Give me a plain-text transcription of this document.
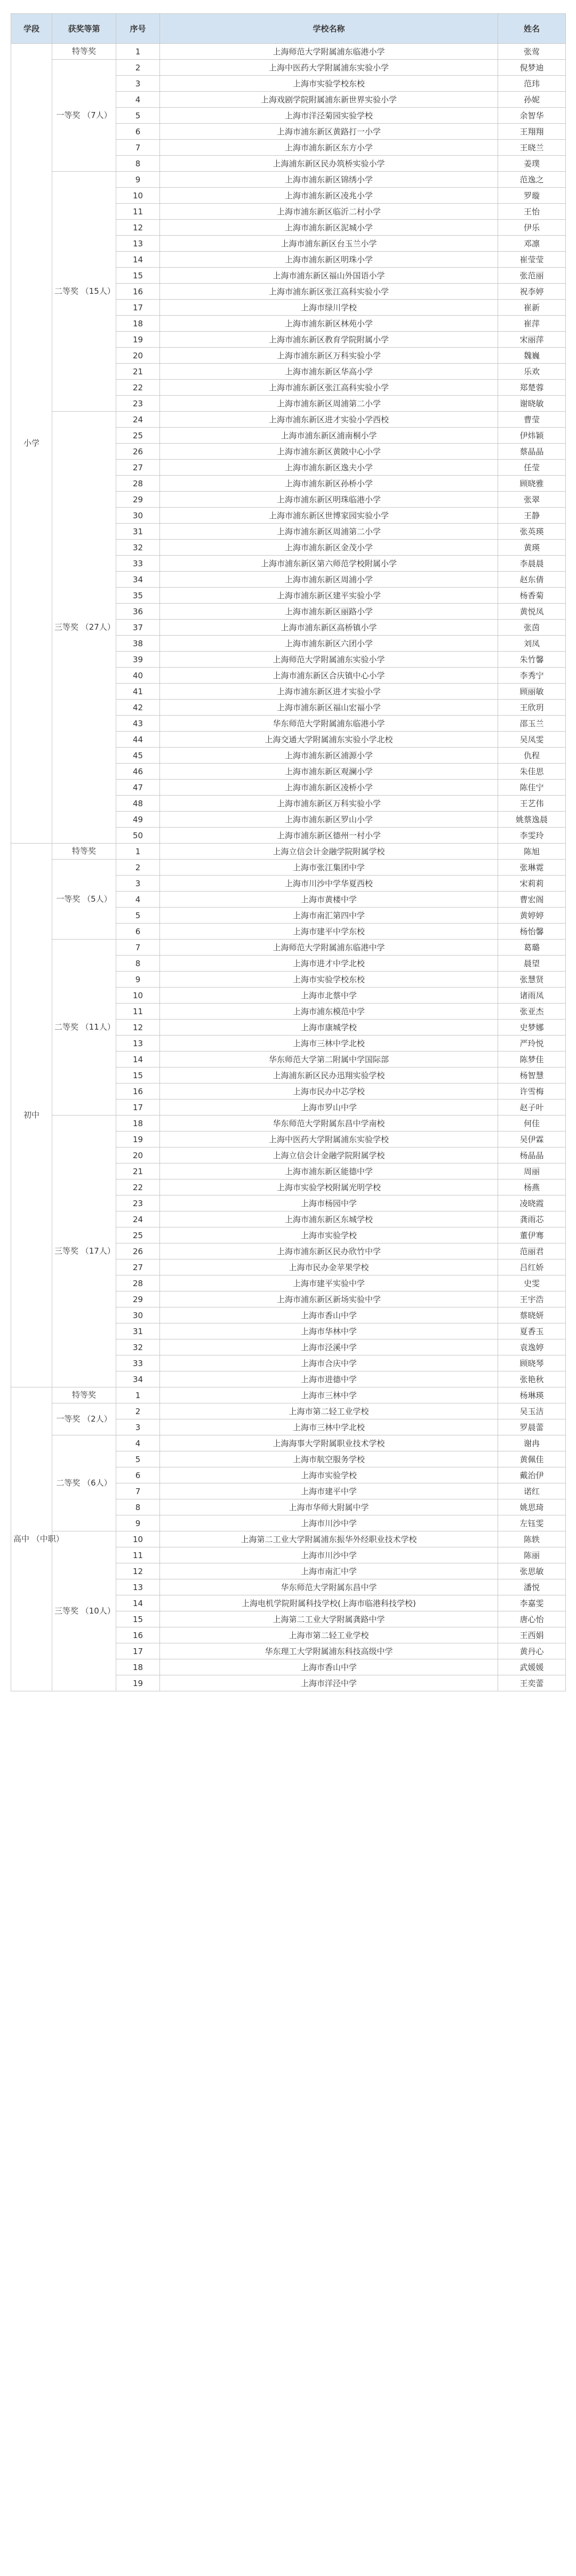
学段	获奖等第	序号	学校名称	姓名
小学	特等奖	1	上海师范大学附属浦东临港小学	张莺
	一等奖 （7人）	2	上海中医药大学附属浦东实验小学	倪梦迪
		3	上海市实验学校东校	范玮
		4	上海戏剧学院附属浦东新世界实验小学	孙妮
		5	上海市洋泾菊园实验学校	余智华
		6	上海市浦东新区黄路打一小学	王翔翔
		7	上海市浦东新区东方小学	王晓兰
		8	上海浦东新区民办筑桥实验小学	姜璞
	二等奖 （15人）	9	上海市浦东新区锦绣小学	范逸之
		10	上海市浦东新区凌兆小学	罗璇
		11	上海市浦东新区临沂二村小学	王怡
		12	上海市浦东新区泥城小学	伊乐
		13	上海市浦东新区台玉兰小学	邓凛
		14	上海市浦东新区明珠小学	崔莹莹
		15	上海市浦东新区福山外国语小学	张范丽
		16	上海市浦东新区张江高科实验小学	祝李婷
		17	上海市绿川学校	崔新
		18	上海市浦东新区林苑小学	崔萍
		19	上海市浦东新区教育学院附属小学	宋丽萍
		20	上海市浦东新区万科实验小学	魏巍
		21	上海市浦东新区华高小学	乐欢
		22	上海市浦东新区张江高科实验小学	郑楚蓉
		23	上海市浦东新区周浦第二小学	谢晓敏
	三等奖 （27人）	24	上海市浦东新区进才实验小学西校	曹莹
		25	上海市浦东新区浦南桐小学	伊炜颖
		26	上海市浦东新区黄陂中心小学	蔡晶晶
		27	上海市浦东新区逸夫小学	任莹
		28	上海市浦东新区孙桥小学	顾晓雅
		29	上海市浦东新区明珠临港小学	张翠
		30	上海市浦东新区世博家园实验小学	王静
		31	上海市浦东新区周浦第二小学	张英瑛
		32	上海市浦东新区金茂小学	黄瑛
		33	上海市浦东新区第六师范学校附属小学	李晨晨
		34	上海市浦东新区周浦小学	赵东倩
		35	上海市浦东新区建平实验小学	杨香菊
		36	上海市浦东新区丽路小学	黄悦凤
		37	上海市浦东新区高桥镇小学	张茵
		38	上海市浦东新区六团小学	刘凤
		39	上海师范大学附属浦东实验小学	朱竹馨
		40	上海市浦东新区合庆镇中心小学	李秀宁
		41	上海市浦东新区进才实验小学	顾丽敏
		42	上海市浦东新区福山宏福小学	王欣玥
		43	华东师范大学附属浦东临港小学	邵玉兰
		44	上海交通大学附属浦东实验小学北校	吴凤雯
		45	上海市浦东新区浦源小学	仇程
		46	上海市浦东新区观澜小学	朱佳思
		47	上海市浦东新区凌桥小学	陈佳宁
		48	上海市浦东新区万科实验小学	王艺伟
		49	上海市浦东新区罗山小学	姚蔡逸晨
		50	上海市浦东新区德州一村小学	李雯玲
初中	特等奖	1	上海立信会计金融学院附属学校	陈旭
	一等奖 （5人）	2	上海市张江集团中学	张琳霓
		3	上海市川沙中学华夏西校	宋莉莉
		4	上海市黄楼中学	曹宏阁
		5	上海市南汇第四中学	黄婷婷
		6	上海市建平中学东校	杨怡馨
	二等奖 （11人）	7	上海师范大学附属浦东临港中学	葛璐
		8	上海市进才中学北校	晨望
		9	上海市实验学校东校	张慧贤
		10	上海市北蔡中学	诸雨凤
		11	上海市浦东模范中学	张亚杰
		12	上海市康城学校	史梦娜
		13	上海市三林中学北校	严玲悦
		14	华东师范大学第二附属中学国际部	陈梦佳
		15	上海浦东新区民办迅翔实验学校	杨智慧
		16	上海市民办中芯学校	许雪梅
		17	上海市罗山中学	赵子叶
	三等奖 （17人）	18	华东师范大学附属东昌中学南校	何佳
		19	上海中医药大学附属浦东实验学校	吴伊霖
		20	上海立信会计金融学院附属学校	杨晶晶
		21	上海市浦东新区能德中学	周丽
		22	上海市实验学校附属光明学校	杨燕
		23	上海市杨园中学	凌晓霞
		24	上海市浦东新区东城学校	龚雨芯
		25	上海市实验学校	董伊骞
		26	上海市浦东新区民办欣竹中学	范丽君
		27	上海市民办金苹果学校	吕红娇
		28	上海市建平实验中学	史雯
		29	上海市浦东新区新场实验中学	王宇浩
		30	上海市香山中学	蔡晓妍
		31	上海市华林中学	夏香玉
		32	上海市泾溪中学	袁逸婷
		33	上海市合庆中学	顾晓琴
		34	上海市进德中学	张艳秋
高中 （中职）	特等奖	1	上海市三林中学	杨琳瑛
	一等奖 （2人）	2	上海市第二轻工业学校	吴玉洁
		3	上海市三林中学北校	罗晨蕾
	二等奖 （6人）	4	上海海事大学附属职业技术学校	谢冉
		5	上海市航空服务学校	黄佩佳
		6	上海市实验学校	戴治伊
		7	上海市建平中学	诺红
		8	上海市华师大附属中学	姚思琦
		9	上海市川沙中学	左钰雯
	三等奖 （10人）	10	上海第二工业大学附属浦东振华外经职业技术学校	陈轶
		11	上海市川沙中学	陈丽
		12	上海市南汇中学	张思敏
		13	华东师范大学附属东昌中学	潘悦
		14	上海电机学院附属科技学校(上海市临港科技学校)	李嘉雯
		15	上海第二工业大学附属龚路中学	唐心怡
		16	上海市第二轻工业学校	王西娟
		17	华东理工大学附属浦东科技高级中学	黄丹心
		18	上海市香山中学	武媛媛
		19	上海市洋泾中学	王奕蕾
